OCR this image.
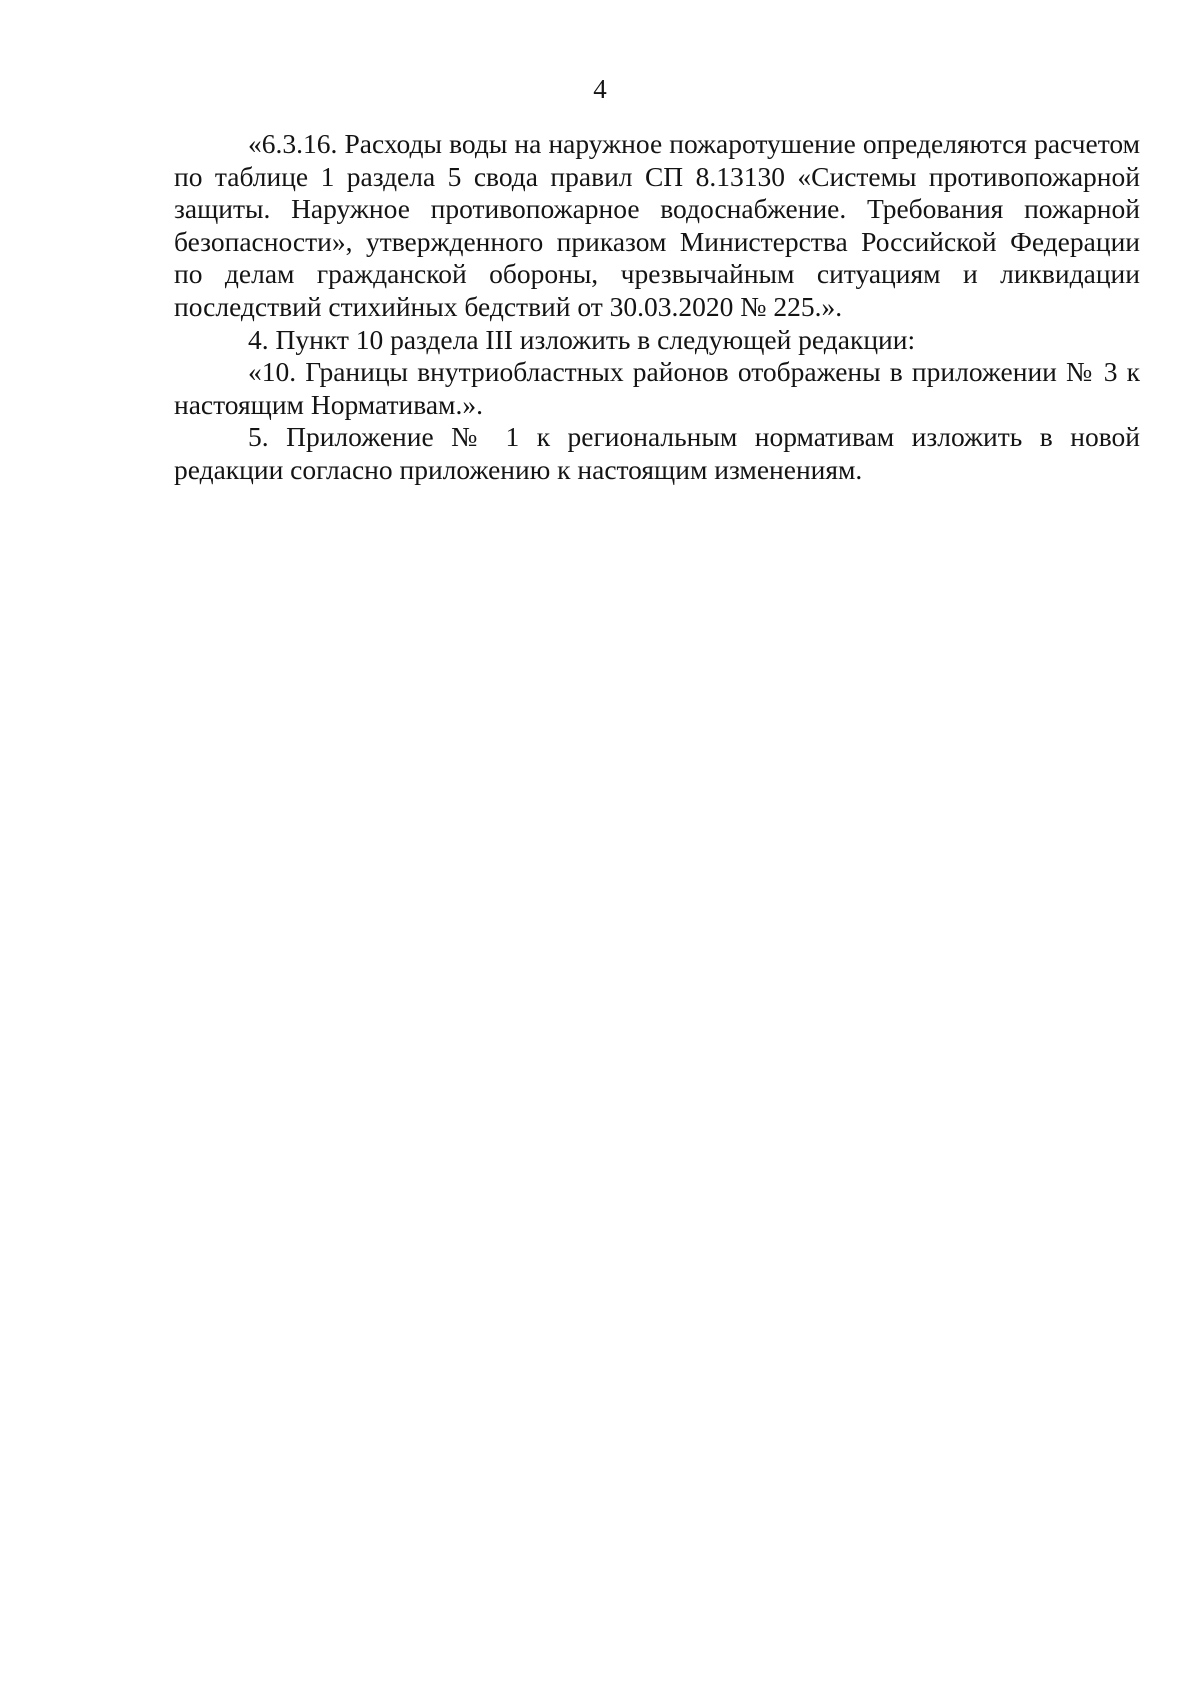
4

«6.3.16. Расходы воды на наружное пожаротушение определяются расчетом по таблице 1 раздела 5 свода правил СП 8.13130 «Системы противопожарной защиты. Наружное противопожарное водоснабжение. Требования пожарной безопасности», утвержденного приказом Министерства Российской Федерации по делам гражданской обороны, чрезвычайным ситуациям и ликвидации последствий стихийных бедствий от 30.03.2020 № 225.».

4. Пункт 10 раздела III изложить в следующей редакции:

«10. Границы внутриобластных районов отображены в приложении № 3 к настоящим Нормативам.».

5. Приложение № 1 к региональным нормативам изложить в новой редакции согласно приложению к настоящим изменениям.
